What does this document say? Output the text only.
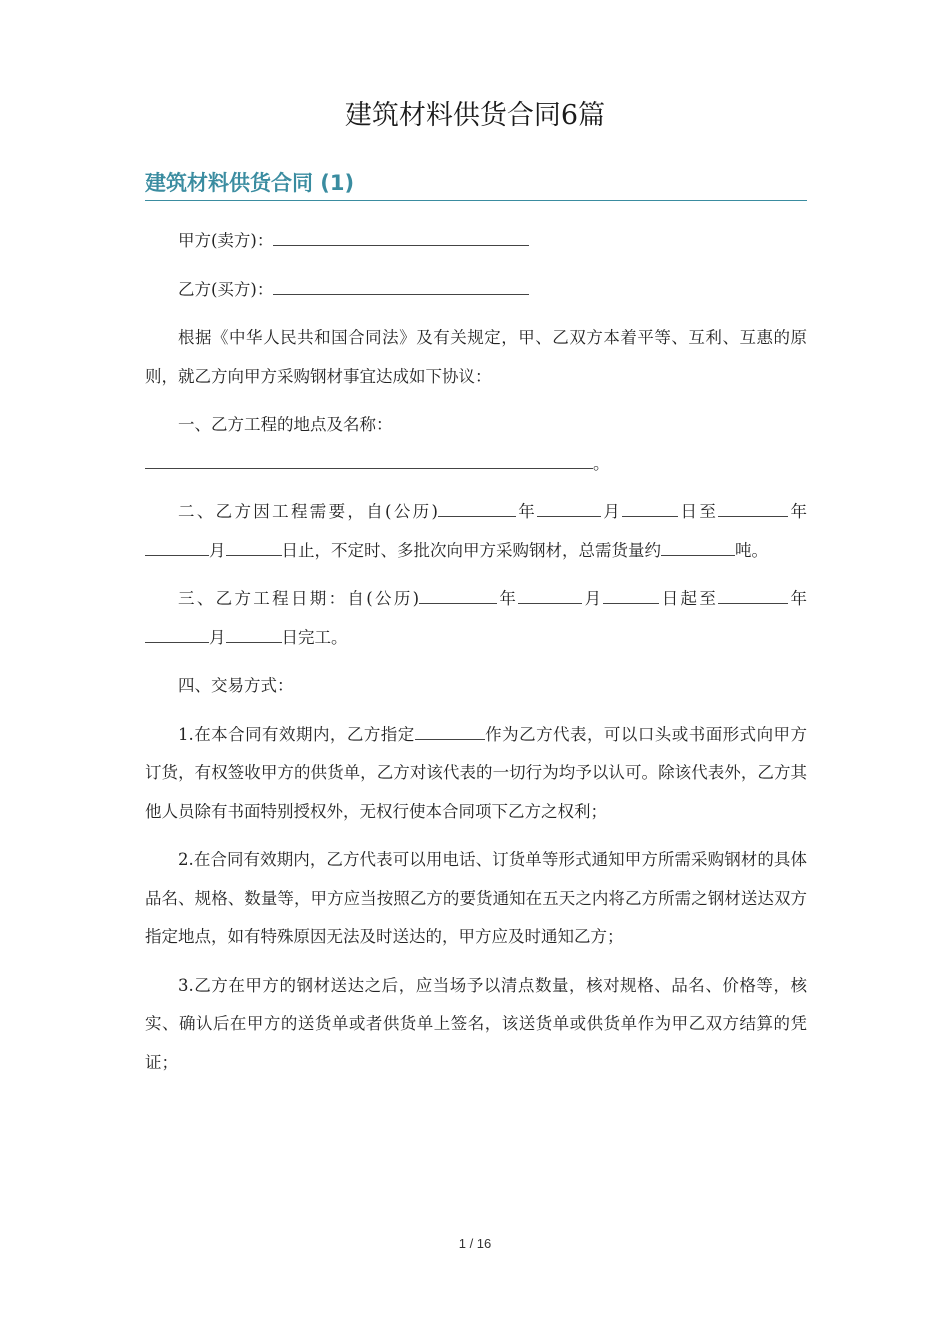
建筑材料供货合同6篇
建筑材料供货合同 (1)

甲方(卖方)：

乙方(买方)：

根据《中华人民共和国合同法》及有关规定，甲、乙双方本着平等、互利、互惠的原则，就乙方向甲方采购钢材事宜达成如下协议：

一、乙方工程的地点及名称：

。

二、乙方因工程需要，自(公历)	年	月	日至	年月	日止，不定时、多批次向甲方采购钢材，总需货量约	吨。

三、乙方工程日期：自(公历)	年	月	日起至	年月	日完工。

四、交易方式：

1.在本合同有效期内，乙方指定	作为乙方代表，可以口头或书面形式向甲方订货，有权签收甲方的供货单，乙方对该代表的一切行为均予以认可。除该代表外，乙方其他人员除有书面特别授权外，无权行使本合同项下乙方之权利；

2.在合同有效期内，乙方代表可以用电话、订货单等形式通知甲方所需采购钢材的具体品名、规格、数量等，甲方应当按照乙方的要货通知在五天之内将乙方所需之钢材送达双方指定地点，如有特殊原因无法及时送达的，甲方应及时通知乙方；

3.乙方在甲方的钢材送达之后，应当场予以清点数量，核对规格、品名、价格等，核实、确认后在甲方的送货单或者供货单上签名，该送货单或供货单作为甲乙双方结算的凭证；

1 / 16
